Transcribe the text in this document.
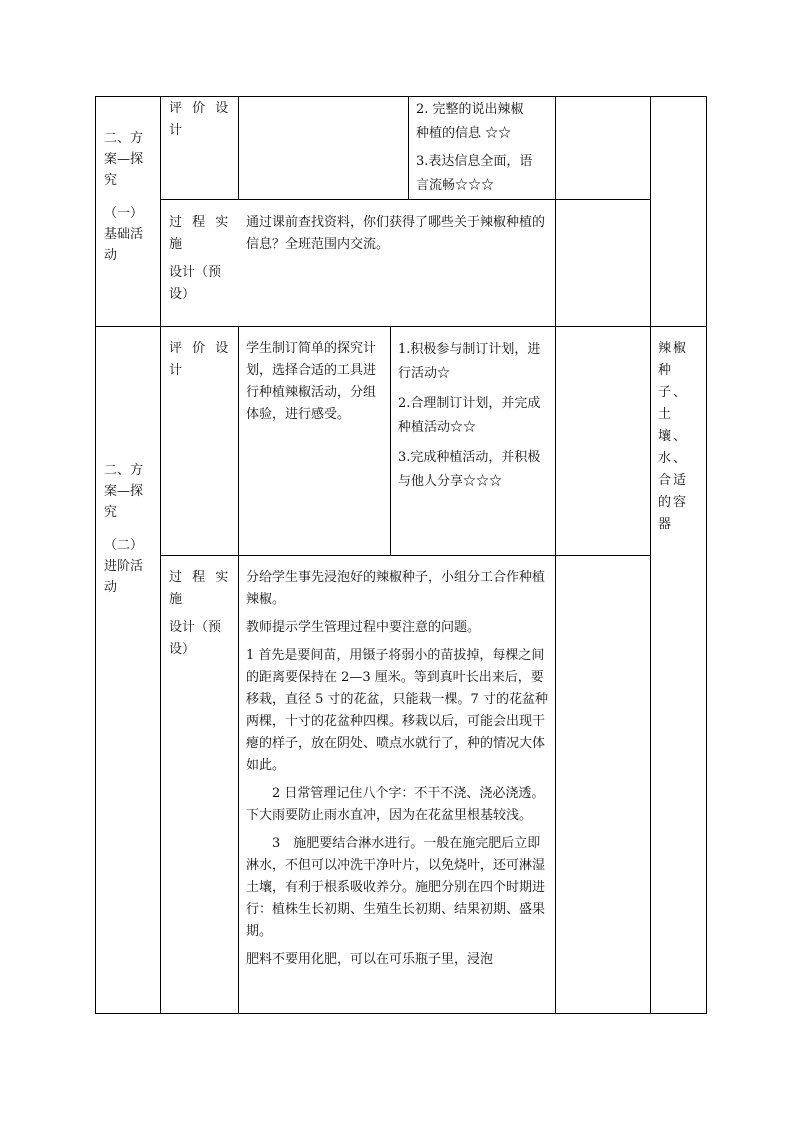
二、方

案—探
究
（一）
基础活
动
评 价 设
计
2. 完整的说出辣椒
种植的信息 ☆☆
3.表达信息全面，语
言流畅☆☆☆
过 程 实
施
设计（预
设）
通过课前查找资料，你们获得了哪些关于辣椒种植的信息？全班范围内交流。
二、方
案—探
究
（二）
进阶活
动
评 价 设
计
学生制订简单的探究计划，选择合适的工具进行种植辣椒活动，分组体验，进行感受。

1.积极参与制订计划，进行活动☆

2.合理制订计划，并完成种植活动☆☆

3.完成种植活动，并积极与他人分享☆☆☆

辣椒种子、土壤、水、合适的容器
过 程 实
施
设计（预
设）

分给学生事先浸泡好的辣椒种子，小组分工合作种植辣椒。

教师提示学生管理过程中要注意的问题。

1 首先是要间苗，用镊子将弱小的苗拔掉，每棵之间的距离要保持在 2—3 厘米。等到真叶长出来后，要移栽，直径 5 寸的花盆，只能栽一棵。7 寸的花盆种两棵，十寸的花盆种四棵。移栽以后，可能会出现干瘪的样子，放在阴处、喷点水就行了，种的情况大体如此。

2 日常管理记住八个字：不干不浇、浇必浇透。下大雨要防止雨水直冲，因为在花盆里根基较浅。

3　施肥要结合淋水进行。一般在施完肥后立即淋水，不但可以冲洗干净叶片，以免烧叶，还可淋湿土壤，有利于根系吸收养分。施肥分别在四个时期进行：植株生长初期、生殖生长初期、结果初期、盛果期。

肥料不要用化肥，可以在可乐瓶子里，浸泡
